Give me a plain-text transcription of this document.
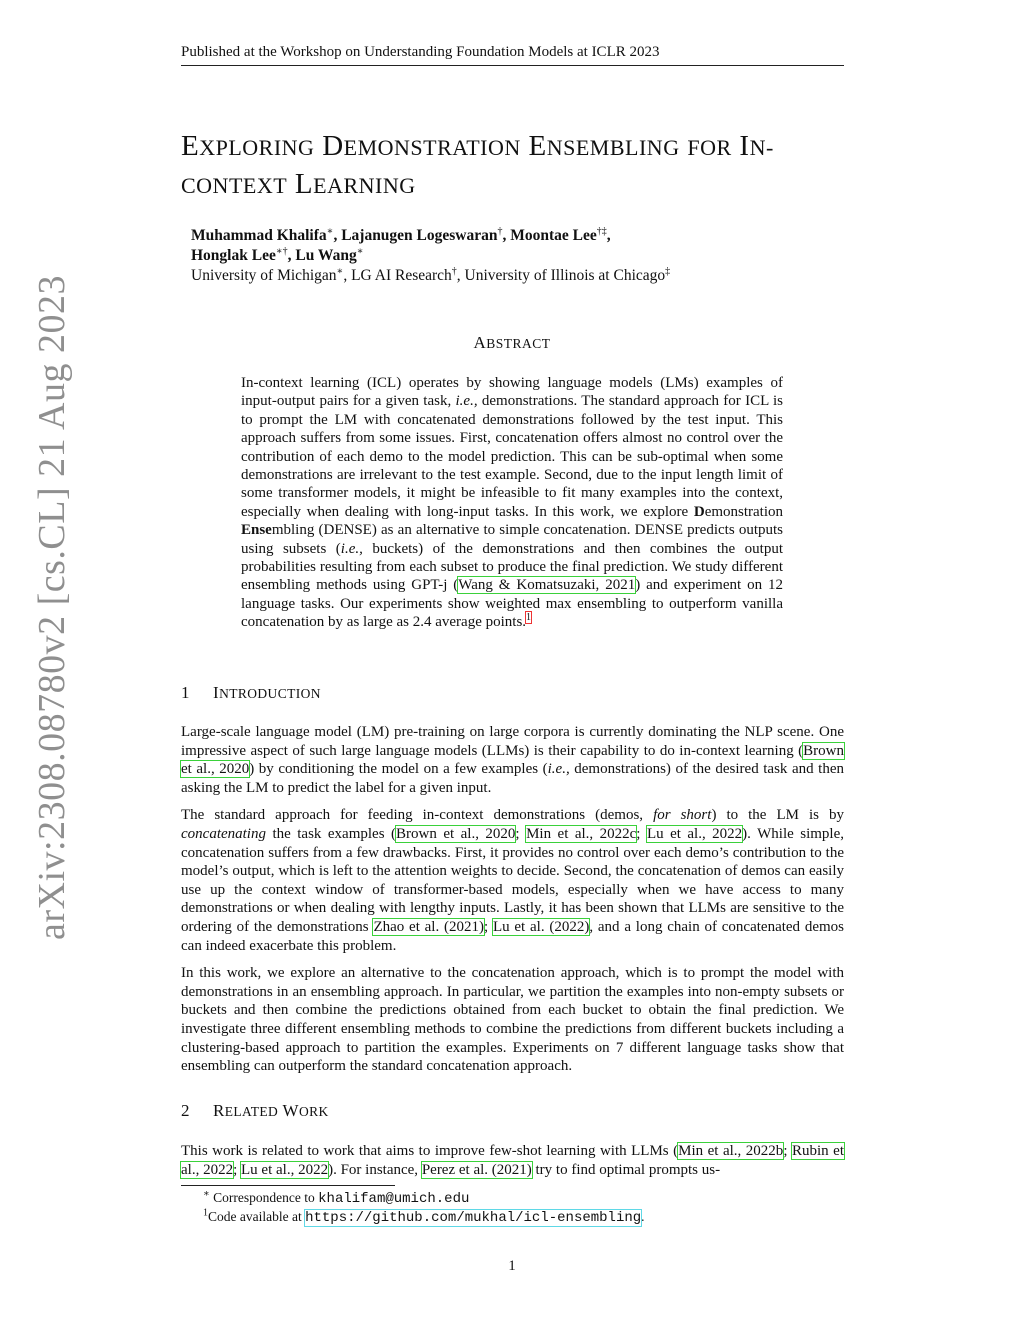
Published at the Workshop on Understanding Foundation Models at ICLR 2023
arXiv:2308.08780v2 [cs.CL] 21 Aug 2023
EXPLORING DEMONSTRATION ENSEMBLING FOR IN-
CONTEXT LEARNING
Muhammad Khalifa∗, Lajanugen Logeswaran†, Moontae Lee†‡,
Honglak Lee∗†, Lu Wang∗
University of Michigan∗, LG AI Research†, University of Illinois at Chicago‡
ABSTRACT

In-context learning (ICL) operates by showing language models (LMs) examples of input-output pairs for a given task, i.e., demonstrations. The standard approach for ICL is to prompt the LM with concatenated demonstrations followed by the test input. This approach suffers from some issues. First, concatenation offers almost no control over the contribution of each demo to the model prediction. This can be sub-optimal when some demonstrations are irrelevant to the test example. Second, due to the input length limit of some transformer models, it might be infeasible to fit many examples into the context, especially when dealing with long-input tasks. In this work, we explore Demonstration Ensembling (DENSE) as an alternative to simple concatenation. DENSE predicts outputs using subsets (i.e., buckets) of the demonstrations and then combines the output probabilities resulting from each subset to produce the final prediction. We study different ensembling methods using GPT-j (Wang & Komatsuzaki, 2021) and experiment on 12 language tasks. Our experiments show weighted max ensembling to outperform vanilla concatenation by as large as 2.4 average points.$^1$

1 INTRODUCTION

Large-scale language model (LM) pre-training on large corpora is currently dominating the NLP scene. One impressive aspect of such large language models (LLMs) is their capability to do in-context learning (Brown et al., 2020) by conditioning the model on a few examples (i.e., demonstrations) of the desired task and then asking the LM to predict the label for a given input.

The standard approach for feeding in-context demonstrations (demos, for short) to the LM is by concatenating the task examples (Brown et al., 2020; Min et al., 2022c; Lu et al., 2022). While simple, concatenation suffers from a few drawbacks. First, it provides no control over each demo’s contribution to the model’s output, which is left to the attention weights to decide. Second, the concatenation of demos can easily use up the context window of transformer-based models, especially when we have access to many demonstrations or when dealing with lengthy inputs. Lastly, it has been shown that LLMs are sensitive to the ordering of the demonstrations Zhao et al. (2021); Lu et al. (2022), and a long chain of concatenated demos can indeed exacerbate this problem.

In this work, we explore an alternative to the concatenation approach, which is to prompt the model with demonstrations in an ensembling approach. In particular, we partition the examples into non-empty subsets or buckets and then combine the predictions obtained from each bucket to obtain the final prediction. We investigate three different ensembling methods to combine the predictions from different buckets including a clustering-based approach to partition the examples. Experiments on 7 different language tasks show that ensembling can outperform the standard concatenation approach.

2 RELATED WORK

This work is related to work that aims to improve few-shot learning with LLMs (Min et al., 2022b; Rubin et al., 2022; Lu et al., 2022). For instance, Perez et al. (2021) try to find optimal prompts us-

∗ Correspondence to khalifam@umich.edu
$^1$Code available at https://github.com/mukhal/icl-ensembling.
1
